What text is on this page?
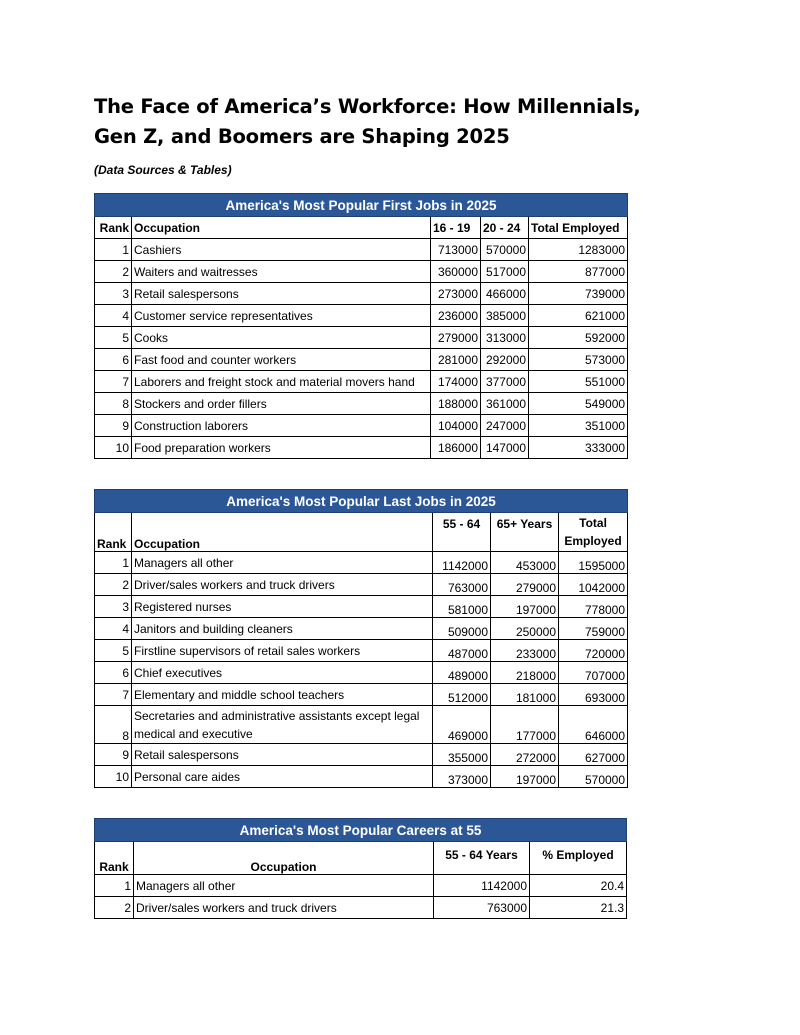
The Face of America’s Workforce: How Millennials, Gen Z, and Boomers are Shaping 2025

(Data Sources & Tables)

America's Most Popular First Jobs in 2025				
Rank	Occupation	16 - 19	20 - 24	Total Employed
1	Cashiers	713000	570000	1283000
2	Waiters and waitresses	360000	517000	877000
3	Retail salespersons	273000	466000	739000
4	Customer service representatives	236000	385000	621000
5	Cooks	279000	313000	592000
6	Fast food and counter workers	281000	292000	573000
7	Laborers and freight stock and material movers hand	174000	377000	551000
8	Stockers and order fillers	188000	361000	549000
9	Construction laborers	104000	247000	351000
10	Food preparation workers	186000	147000	333000
America's Most Popular Last Jobs in 2025				
Rank	Occupation	55 - 64	65+ Years	Total Employed
1	Managers all other	1142000	453000	1595000
2	Driver/sales workers and truck drivers	763000	279000	1042000
3	Registered nurses	581000	197000	778000
4	Janitors and building cleaners	509000	250000	759000
5	Firstline supervisors of retail sales workers	487000	233000	720000
6	Chief executives	489000	218000	707000
7	Elementary and middle school teachers	512000	181000	693000
8	Secretaries and administrative assistants except legal medical and executive	469000	177000	646000
9	Retail salespersons	355000	272000	627000
10	Personal care aides	373000	197000	570000
America's Most Popular Careers at 55			
Rank	Occupation	55 - 64 Years	% Employed
1	Managers all other	1142000	20.4
2	Driver/sales workers and truck drivers	763000	21.3
